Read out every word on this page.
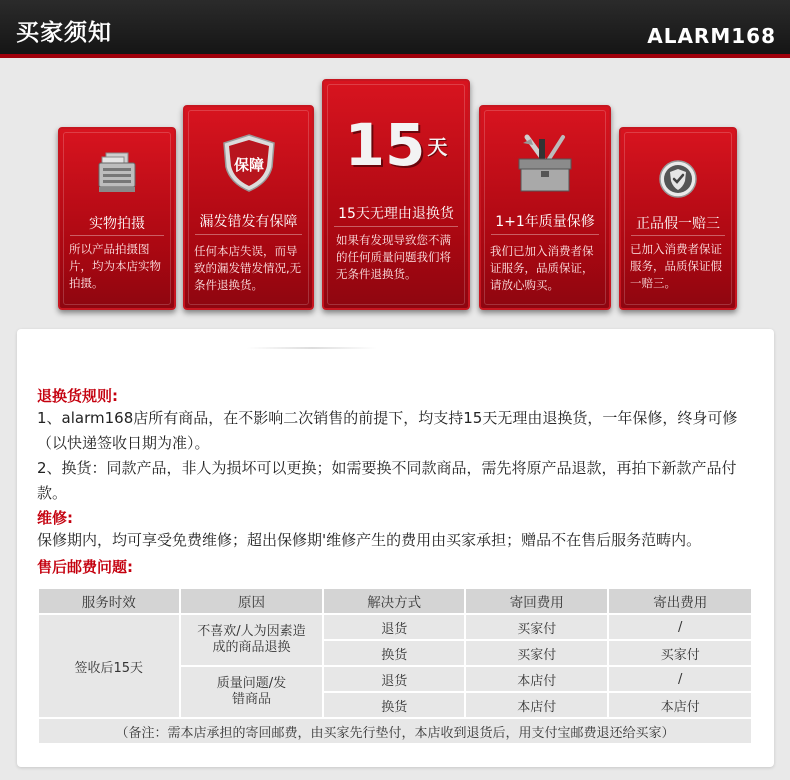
买家须知	ALARM168
实物拍摄
所以产品拍摄图片，均为本店实物拍摄。
保障
漏发错发有保障
任何本店失误，而导致的漏发错发情况,无条件退换货。
15 天
15天无理由退换货
如果有发现导致您不满的任何质量问题我们将无条件退换货。
1+1年质量保修
我们已加入消费者保证服务，品质保证，请放心购买。
正品假一赔三
已加入消费者保证服务，品质保证假一赔三。
退换货规则:
1、alarm168店所有商品，在不影响二次销售的前提下，均支持15天无理由退换货，一年保修，终身可修（以快递签收日期为准）。
2、换货：同款产品，非人为损坏可以更换；如需要换不同款商品，需先将原产品退款，再拍下新款产品付款。
维修:
保修期内，均可享受免费维修；超出保修期'维修产生的费用由买家承担；赠品不在售后服务范畴内。
售后邮费问题:
服务时效	原因	解决方式	寄回费用	寄出费用
签收后15天	不喜欢/人为因素造成的商品退换	退货	买家付	/
		换货	买家付	买家付
	质量问题/发错商品	退货	本店付	/
		换货	本店付	本店付
（备注：需本店承担的寄回邮费，由买家先行垫付，本店收到退货后，用支付宝邮费退还给买家）				
